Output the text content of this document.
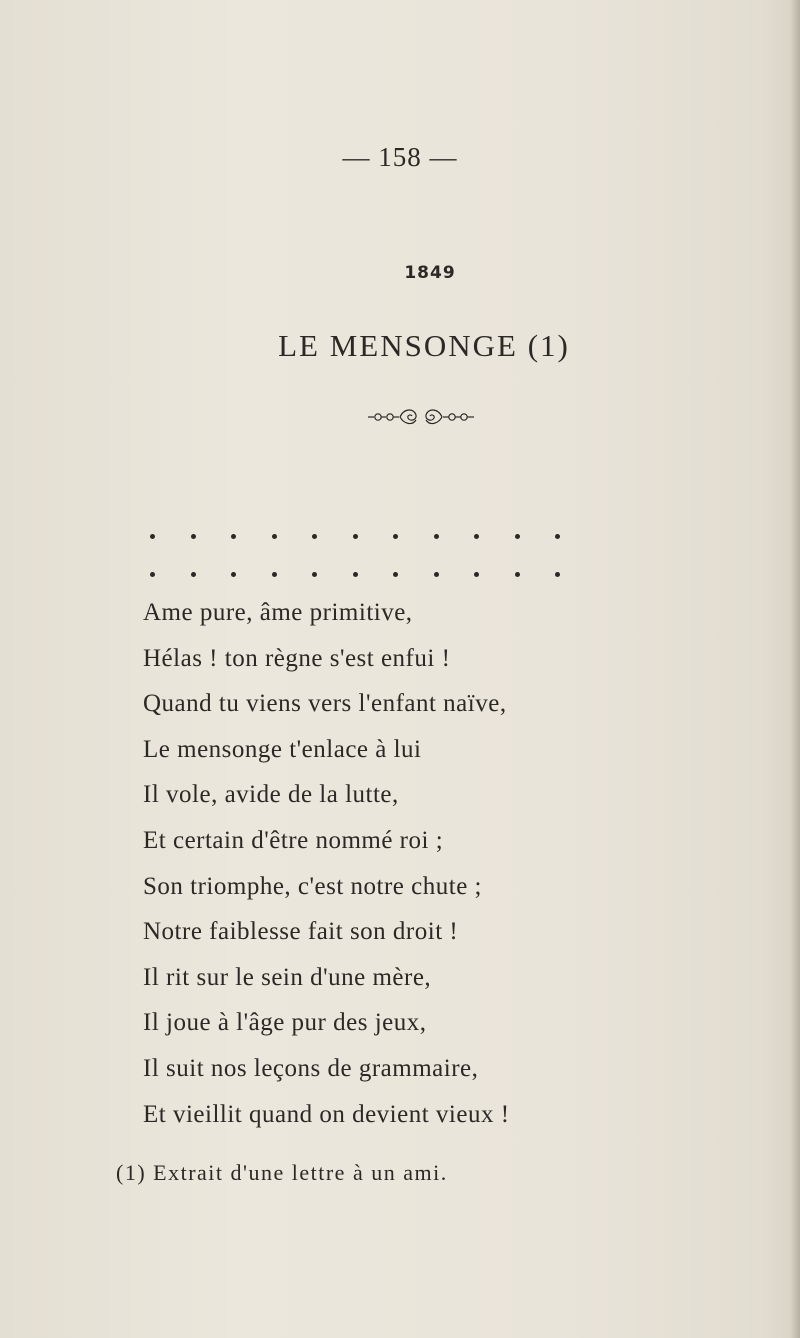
— 158 —
1849
LE MENSONGE (1)
Ame pure, âme primitive,
Hélas ! ton règne s'est enfui !
Quand tu viens vers l'enfant naïve,
Le mensonge t'enlace à lui
Il vole, avide de la lutte,
Et certain d'être nommé roi ;
Son triomphe, c'est notre chute ;
Notre faiblesse fait son droit !
Il rit sur le sein d'une mère,
Il joue à l'âge pur des jeux,
Il suit nos leçons de grammaire,
Et vieillit quand on devient vieux !
(1) Extrait d'une lettre à un ami.
